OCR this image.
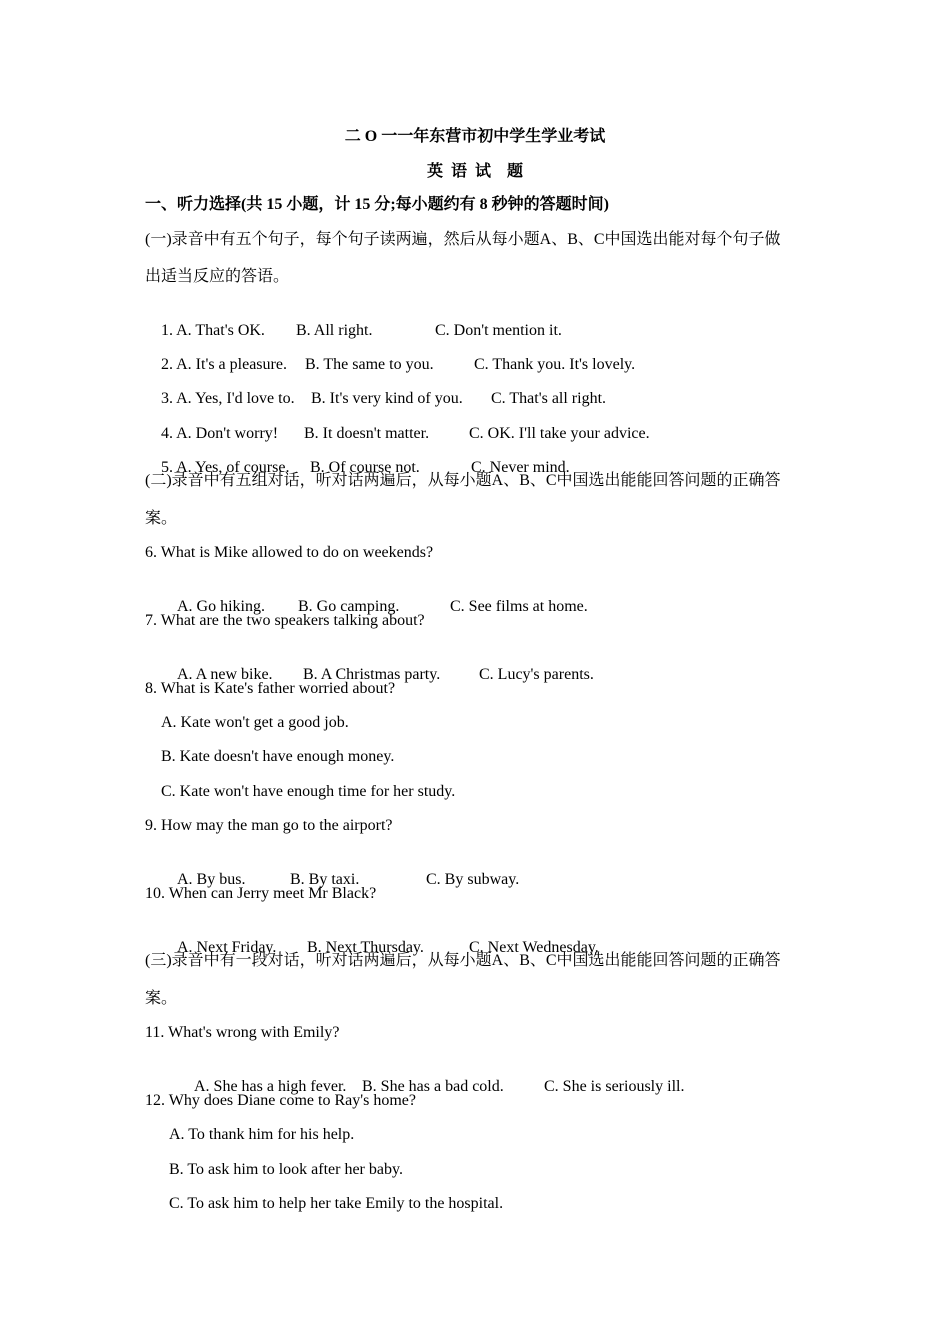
二 O 一一年东营市初中学生学业考试
英  语  试    题
一、听力选择(共 15 小题，计 15 分;每小题约有 8 秒钟的答题时间)
(一)录音中有五个句子，每个句子读两遍，然后从每小题A、B、C中国选出能对每个句子做
出适当反应的答语。

1. A. That's OK. B. All right.	C. Don't mention it.

2. A. It's a pleasure. B. The same to you.	C. Thank you. It's lovely.

3. A. Yes, I'd love to. B. It's very kind of you. C. That's all right.

4. A. Don't worry! B. It doesn't matter. C. OK. I'll take your advice.

5. A. Yes, of course. B. Of course not.	C. Never mind.

(二)录音中有五组对话，听对话两遍后，从每小题A、B、C中国选出能能回答问题的正确答
案。
6. What is Mike allowed to do on weekends?

A. Go hiking. B. Go camping.	C. See films at home.

7. What are the two speakers talking about?

A. A new bike. B. A Christmas party. C. Lucy's parents.

8. What is Kate's father worried about?
A. Kate won't get a good job.
B. Kate doesn't have enough money.
C. Kate won't have enough time for her study.
9. How may the man go to the airport?

A. By bus.	B. By taxi.	C. By subway.

10. When can Jerry meet Mr Black?

A. Next Friday. B. Next Thursday.	C. Next Wednesday.

(三)录音中有一段对话，听对话两遍后，从每小题A、B、C中国选出能能回答问题的正确答
案。
11. What's wrong with Emily?

A. She has a high fever. B. She has a bad cold.	C. She is seriously ill.

12. Why does Diane come to Ray's home?
A. To thank him for his help.
B. To ask him to look after her baby.
C. To ask him to help her take Emily to the hospital.
